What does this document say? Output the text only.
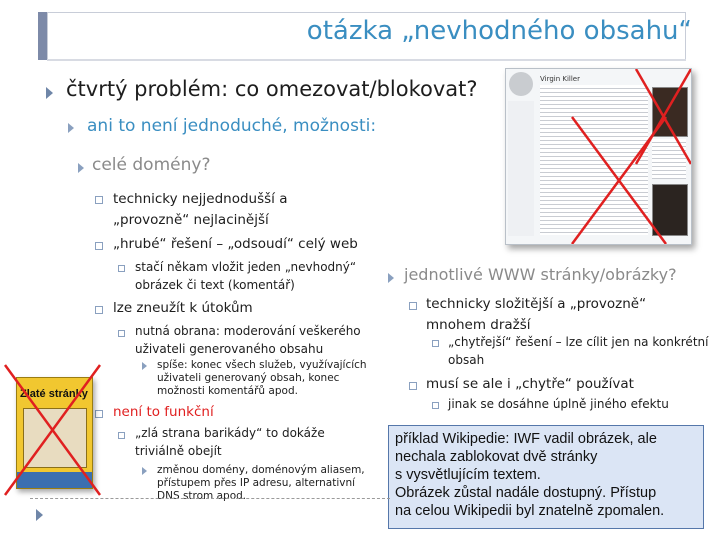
otázka „nevhodného obsahu“
čtvrtý problém: co omezovat/blokovat?
ani to není jednoduché, možnosti:
celé domény?
technicky nejjednodušší a
„provozně“ nejlacinější
„hrubé“ řešení – „odsoudí“ celý web
stačí někam vložit jeden „nevhodný“
obrázek či text (komentář)
lze zneužít k útokům
nutná obrana: moderování veškerého
uživateli generovaného obsahu
spíše: konec všech služeb, využívajících
uživateli generovaný obsah, konec
možnosti komentářů apod.
není to funkční
„zlá strana barikády“ to dokáže
triviálně obejít
změnou domény, doménovým aliasem,
přístupem přes IP adresu, alternativní
DNS strom apod.
jednotlivé WWW stránky/obrázky?
technicky složitější a „provozně“
mnohem dražší
„chytřejší“ řešení – lze cílit jen na konkrétní
obsah
musí se ale i „chytře“ používat
jinak se dosáhne úplně jiného efektu
Virgin Killer
Zlaté stránky
příklad Wikipedie: IWF vadil obrázek, ale
nechala zablokovat dvě stránky
s vysvětlujícím textem.
Obrázek zůstal nadále dostupný. Přístup
na celou Wikipedii byl znatelně zpomalen.
